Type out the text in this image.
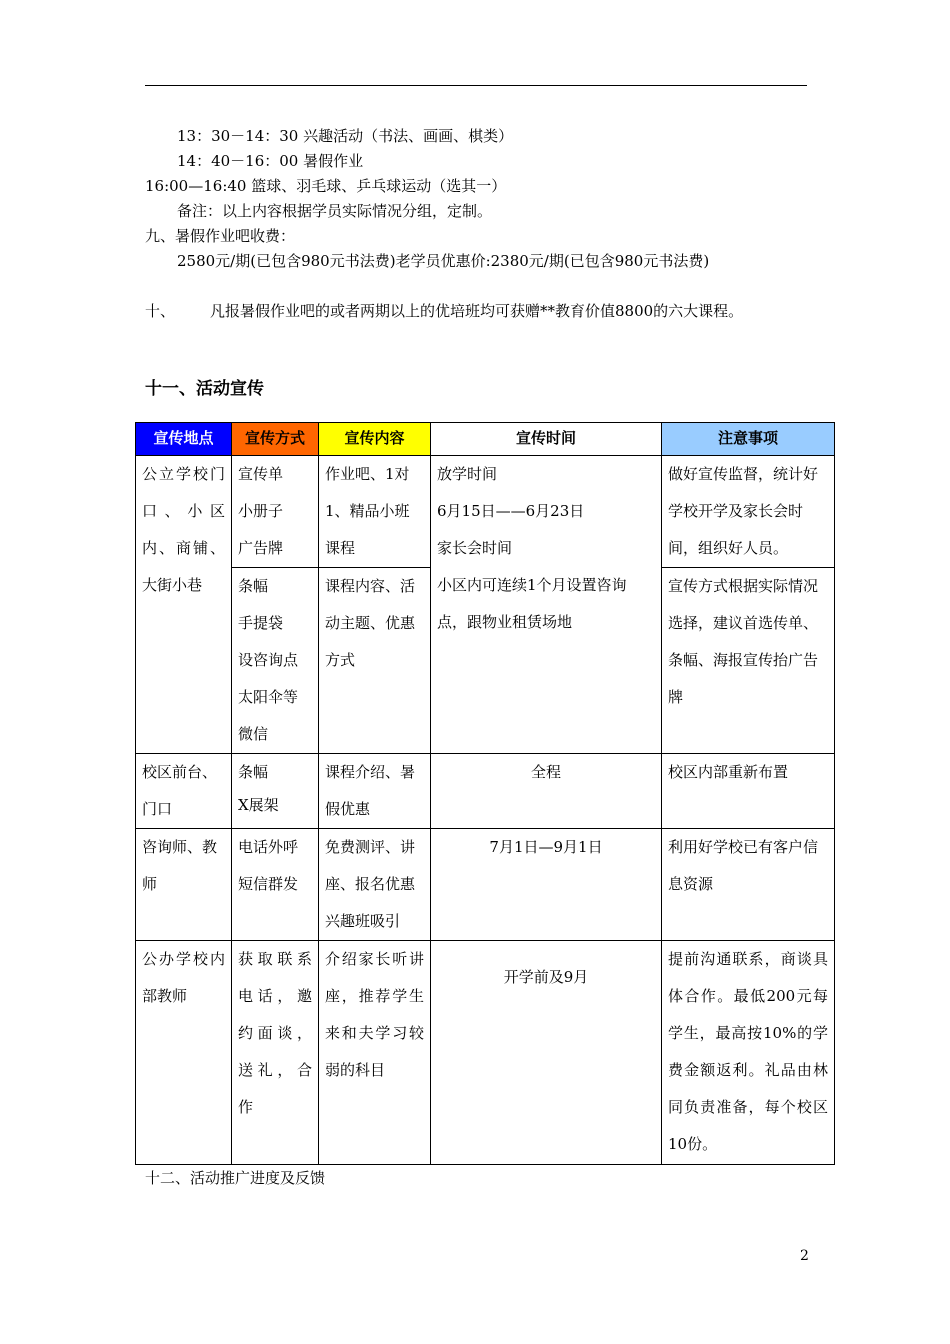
13：30－14：30 兴趣活动（书法、画画、棋类）
14：40－16：00 暑假作业
16:00—16:40 篮球、羽毛球、乒乓球运动（选其一）
备注：以上内容根据学员实际情况分组，定制。
九、暑假作业吧收费：
2580元/期(已包含980元书法费)老学员优惠价:2380元/期(已包含980元书法费)
十、 凡报暑假作业吧的或者两期以上的优培班均可获赠**教育价值8800的六大课程。
十一、活动宣传
宣传地点	宣传方式	宣传内容	宣传时间	注意事项
公立学校门口、小区内、商铺、大街小巷	宣传单
小册子
广告牌	作业吧、1对1、精品小班课程	放学时间
6月15日——6月23日
家长会时间
小区内可连续1个月设置咨询点，跟物业租赁场地	做好宣传监督，统计好学校开学及家长会时间，组织好人员。

	条幅
手提袋
设咨询点
太阳伞等
微信	课程内容、活动主题、优惠方式		宣传方式根据实际情况选择，建议首选传单、条幅、海报宣传抬广告牌
校区前台、门口	条幅
X展架	课程介绍、暑假优惠	全程	校区内部重新布置
咨询师、教师	电话外呼
短信群发	免费测评、讲座、报名优惠兴趣班吸引	7月1日—9月1日	利用好学校已有客户信息资源
公办学校内部教师	获取联系电话，邀约面谈，送礼，合作	介绍家长听讲座，推荐学生来和夫学习较弱的科目	开学前及9月	提前沟通联系，商谈具体合作。最低200元每学生，最高按10%的学费金额返利。礼品由林同负责准备，每个校区10份。
十二、活动推广进度及反馈
2
